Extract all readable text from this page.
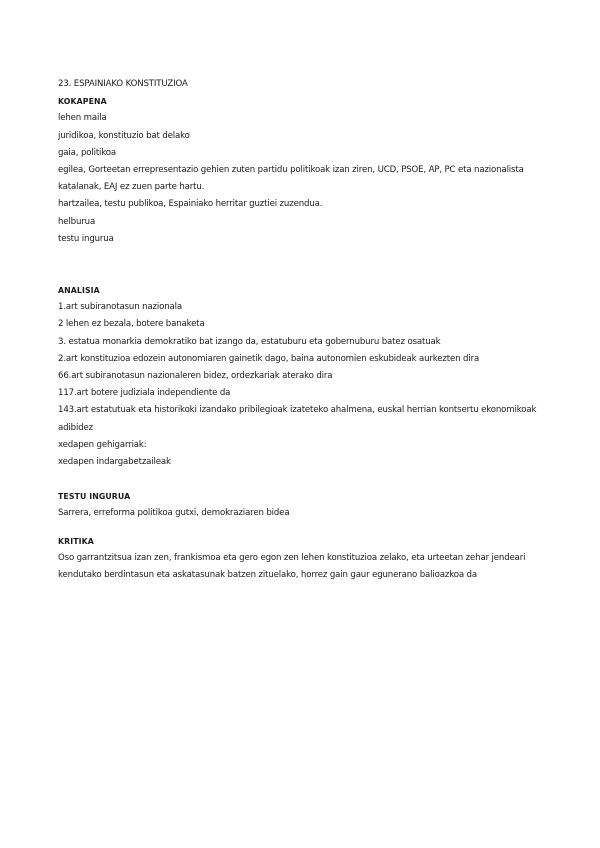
23. ESPAINIAKO KONSTITUZIOA

KOKAPENA

lehen maila

juridikoa, konstituzio bat delako

gaia, politikoa

egilea, Gorteetan errepresentazio gehien zuten partidu politikoak izan ziren, UCD, PSOE, AP, PC eta nazionalista katalanak, EAJ ez zuen parte hartu.

hartzailea, testu publikoa, Espainiako herritar guztiei zuzendua.

helburua

testu ingurua

ANALISIA

1.art subiranotasun nazionala

2 lehen ez bezala, botere banaketa

3. estatua monarkia demokratiko bat izango da, estatuburu eta gobernuburu batez osatuak

2.art konstituzioa edozein autonomiaren gainetik dago, baina autonomien eskubideak aurkezten dira

66.art subiranotasun nazionaleren bidez, ordezkariak aterako dira

117.art botere judiziala independiente da

143.art estatutuak eta historikoki izandako pribilegioak izateteko ahalmena, euskal herrian kontsertu ekonomikoak adibidez

xedapen gehigarriak:

xedapen indargabetzaileak

TESTU INGURUA

Sarrera, erreforma politikoa gutxi, demokraziaren bidea

KRITIKA

Oso garrantzitsua izan zen, frankismoa eta gero egon zen lehen konstituzioa zelako, eta urteetan zehar jendeari kendutako berdintasun eta askatasunak batzen zituelako, horrez gain gaur egunerano balioazkoa da
